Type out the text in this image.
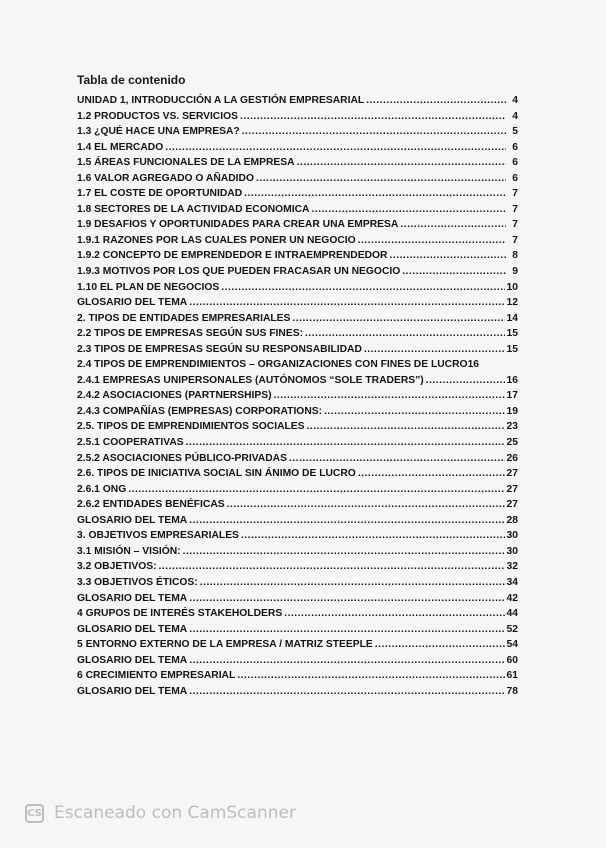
Tabla de contenido
UNIDAD 1, INTRODUCCIÓN A LA GESTIÓN EMPRESARIAL .....	4
1.2 PRODUCTOS VS. SERVICIOS .....	4
1.3 ¿QUÉ HACE UNA EMPRESA? .....	5
1.4 EL MERCADO .....	6
1.5 ÁREAS FUNCIONALES DE LA EMPRESA .....	6
1.6 VALOR AGREGADO O AÑADIDO .....	6
1.7 EL COSTE DE OPORTUNIDAD .....	7
1.8 SECTORES DE LA ACTIVIDAD ECONOMICA .....	7
1.9 DESAFIOS Y OPORTUNIDADES PARA CREAR UNA EMPRESA .....	7
1.9.1 RAZONES POR LAS CUALES PONER UN NEGOCIO .....	7
1.9.2 CONCEPTO DE EMPRENDEDOR E INTRAEMPRENDEDOR .....	8
1.9.3 MOTIVOS POR LOS QUE PUEDEN FRACASAR UN NEGOCIO .....	9
1.10 EL PLAN DE NEGOCIOS .....	10
GLOSARIO DEL TEMA .....	12
2. TIPOS DE ENTIDADES EMPRESARIALES .....	14
2.2 TIPOS DE EMPRESAS SEGÚN SUS FINES: .....	15
2.3 TIPOS DE EMPRESAS SEGÚN SU RESPONSABILIDAD .....	15
2.4 TIPOS DE EMPRENDIMIENTOS – ORGANIZACIONES CON FINES DE LUCRO 16
2.4.1 EMPRESAS UNIPERSONALES (AUTÓNOMOS “SOLE TRADERS”) .....	16
2.4.2 ASOCIACIONES (PARTNERSHIPS) .....	17
2.4.3 COMPAÑÍAS (EMPRESAS) CORPORATIONS: .....	19
2.5. TIPOS DE EMPRENDIMIENTOS SOCIALES .....	23
2.5.1 COOPERATIVAS .....	25
2.5.2 ASOCIACIONES PÚBLICO-PRIVADAS .....	26
2.6. TIPOS DE INICIATIVA SOCIAL SIN ÁNIMO DE LUCRO .....	27
2.6.1 ONG .....	27
2.6.2 ENTIDADES BENÉFICAS .....	27
GLOSARIO DEL TEMA .....	28
3. OBJETIVOS EMPRESARIALES .....	30
3.1 MISIÓN – VISIÓN: .....	30
3.2 OBJETIVOS: .....	32
3.3 OBJETIVOS ÉTICOS: .....	34
GLOSARIO DEL TEMA .....	42
4 GRUPOS DE INTERÉS STAKEHOLDERS .....	44
GLOSARIO DEL TEMA .....	52
5 ENTORNO EXTERNO DE LA EMPRESA / MATRIZ STEEPLE .....	54
GLOSARIO DEL TEMA .....	60
6 CRECIMIENTO EMPRESARIAL .....	61
GLOSARIO DEL TEMA .....	78
CS Escaneado con CamScanner
